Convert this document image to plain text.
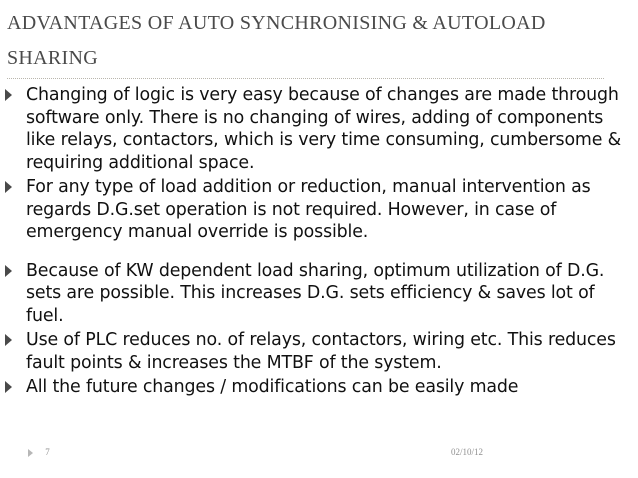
ADVANTAGES OF AUTO SYNCHRONISING & AUTOLOAD SHARING
Changing of logic is very easy because of changes are made through software only. There is no changing of wires, adding of components like relays, contactors, which is very time consuming, cumbersome & requiring additional space.
For any type of load addition or reduction, manual intervention as regards D.G.set operation is not required. However, in case of emergency manual override is possible.
Because of KW dependent load sharing, optimum utilization of D.G. sets are possible. This increases D.G. sets efficiency & saves lot of fuel.
Use of PLC reduces no. of relays, contactors, wiring etc. This reduces fault points & increases the MTBF of the system.
All the future changes / modifications can be easily made
7	02/10/12
